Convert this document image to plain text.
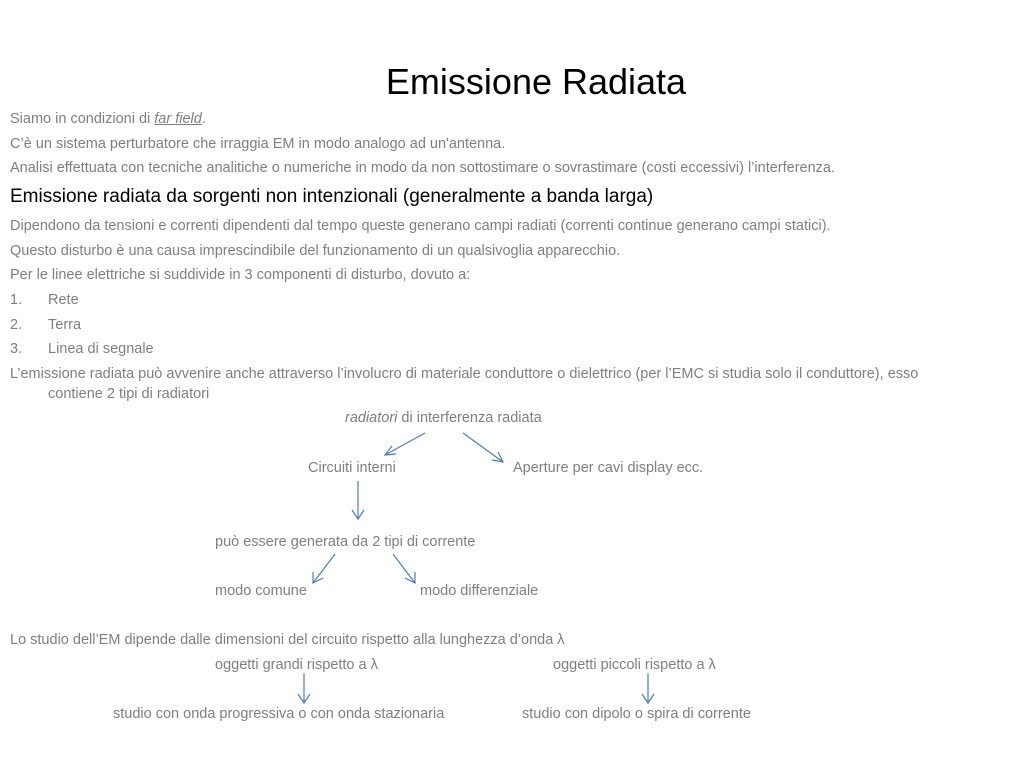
Emissione Radiata
Siamo in condizioni di far field.
C’è un sistema perturbatore che irraggia EM in modo analogo ad un'antenna.
Analisi effettuata con tecniche analitiche o numeriche in modo da non sottostimare o sovrastimare (costi eccessivi) l’interferenza.
Emissione radiata da sorgenti non intenzionali (generalmente a banda larga)
Dipendono da tensioni e correnti dipendenti dal tempo queste generano campi radiati (correnti continue generano campi statici).
Questo disturbo è una causa imprescindibile del funzionamento di un qualsivoglia apparecchio.
Per le linee elettriche si suddivide in 3 componenti di disturbo, dovuto a:
1. Rete
2. Terra
3. Linea di segnale
L’emissione radiata può avvenire anche attraverso l’involucro di materiale conduttore o dielettrico (per l’EMC si studia solo il conduttore), esso
contiene 2 tipi di radiatori
radiatori di interferenza radiata
Circuiti interni	Aperture per cavi display ecc.
può essere generata da 2 tipi di corrente
modo comune	modo differenziale
Lo studio dell’EM dipende dalle dimensioni del circuito rispetto alla lunghezza d’onda λ
oggetti grandi rispetto a λ	oggetti piccoli rispetto a λ
studio con onda progressiva o con onda stazionaria	studio con dipolo o spira di corrente
